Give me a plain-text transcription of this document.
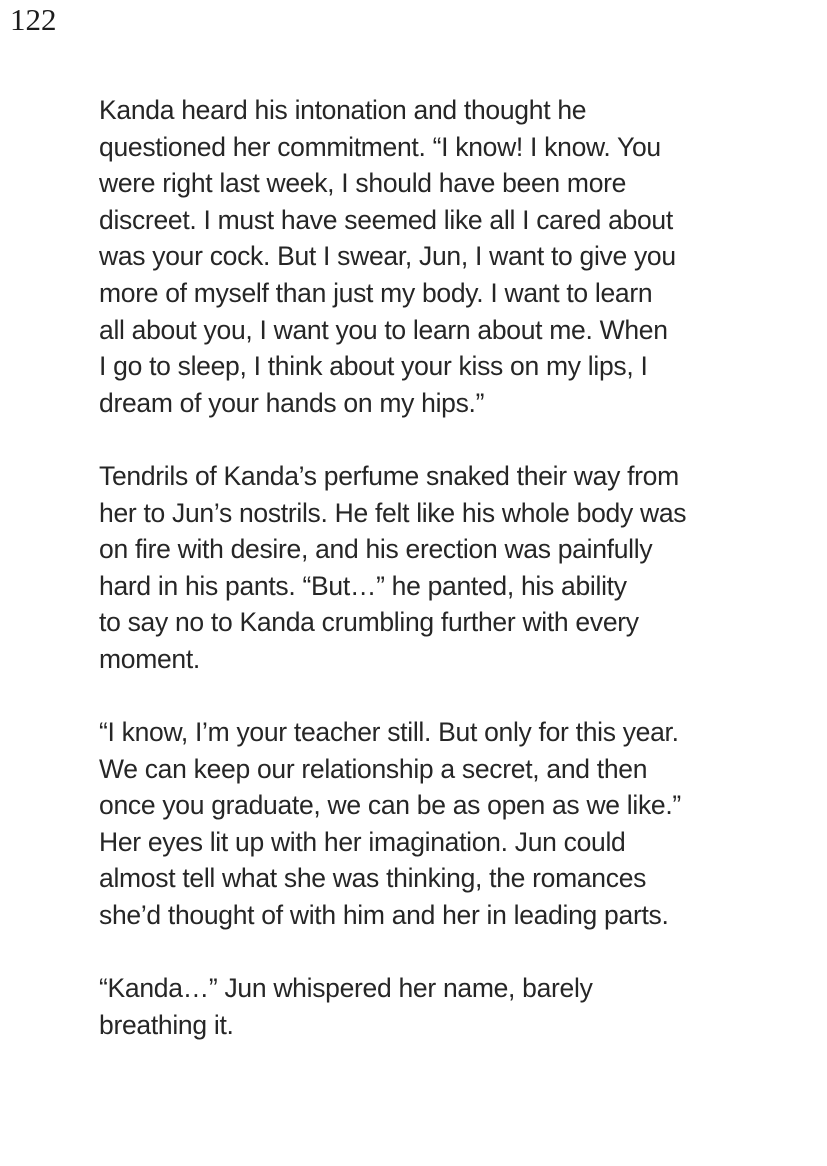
122

Kanda heard his intonation and thought he
questioned her commitment. “I know! I know. You
were right last week, I should have been more
discreet. I must have seemed like all I cared about
was your cock. But I swear, Jun, I want to give you
more of myself than just my body. I want to learn
all about you, I want you to learn about me. When
I go to sleep, I think about your kiss on my lips, I
dream of your hands on my hips.”

Tendrils of Kanda’s perfume snaked their way from
her to Jun’s nostrils. He felt like his whole body was
on fire with desire, and his erection was painfully
hard in his pants. “But…” he panted, his ability
to say no to Kanda crumbling further with every
moment.

“I know, I’m your teacher still. But only for this year.
We can keep our relationship a secret, and then
once you graduate, we can be as open as we like.”
Her eyes lit up with her imagination. Jun could
almost tell what she was thinking, the romances
she’d thought of with him and her in leading parts.

“Kanda…” Jun whispered her name, barely
breathing it.
